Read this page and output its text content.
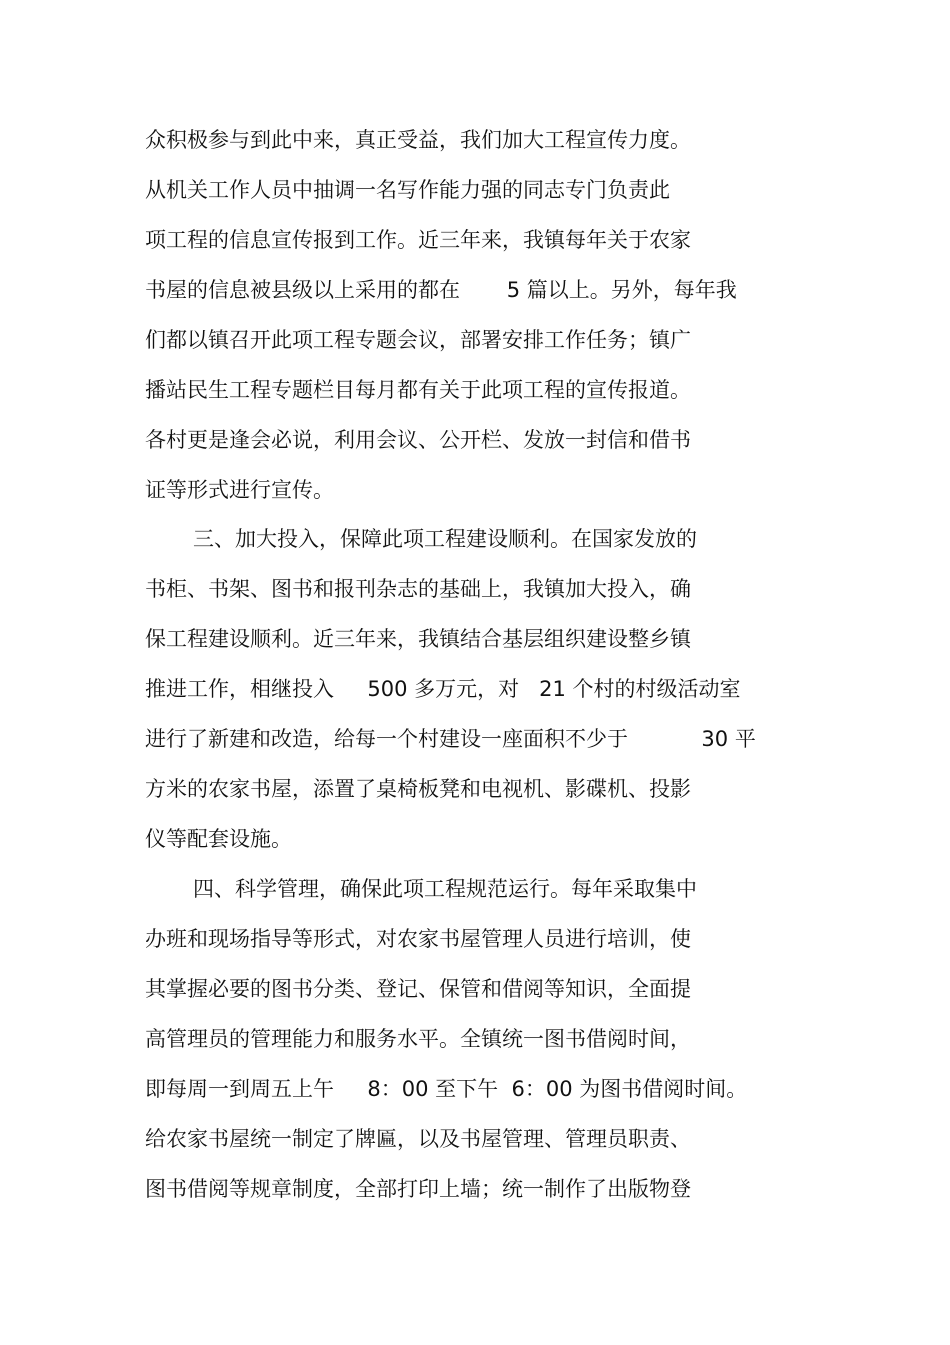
众积极参与到此中来，真正受益，我们加大工程宣传力度。
从机关工作人员中抽调一名写作能力强的同志专门负责此
项工程的信息宣传报到工作。近三年来，我镇每年关于农家
书屋的信息被县级以上采用的都在       5 篇以上。另外，每年我
们都以镇召开此项工程专题会议，部署安排工作任务；镇广
播站民生工程专题栏目每月都有关于此项工程的宣传报道。
各村更是逢会必说，利用会议、公开栏、发放一封信和借书
证等形式进行宣传。
三、加大投入，保障此项工程建设顺利。在国家发放的
书柜、书架、图书和报刊杂志的基础上，我镇加大投入，确
保工程建设顺利。近三年来，我镇结合基层组织建设整乡镇
推进工作，相继投入     500 多万元，对   21 个村的村级活动室
进行了新建和改造，给每一个村建设一座面积不少于           30 平
方米的农家书屋，添置了桌椅板凳和电视机、影碟机、投影
仪等配套设施。
四、科学管理，确保此项工程规范运行。每年采取集中
办班和现场指导等形式，对农家书屋管理人员进行培训，使
其掌握必要的图书分类、登记、保管和借阅等知识，全面提
高管理员的管理能力和服务水平。全镇统一图书借阅时间，
即每周一到周五上午     8：00 至下午  6：00 为图书借阅时间。
给农家书屋统一制定了牌匾，以及书屋管理、管理员职责、
图书借阅等规章制度，全部打印上墙；统一制作了出版物登
